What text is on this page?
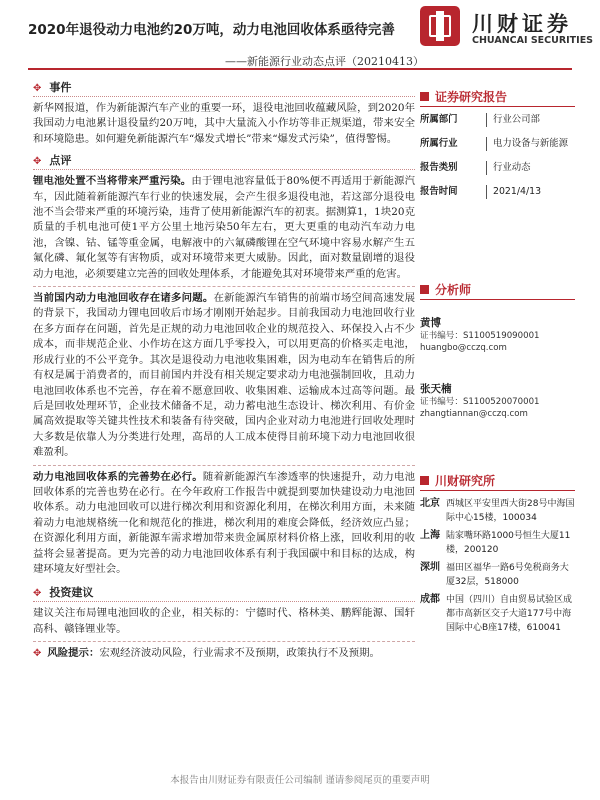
2020年退役动力电池约20万吨，动力电池回收体系亟待完善
——新能源行业动态点评（20210413）
川财证券
CHUANCAI SECURITIES
✥ 事件

新华网报道，作为新能源汽车产业的重要一环，退役电池回收蕴藏风险，到2020年我国动力电池累计退役量约20万吨，其中大量流入小作坊等非正规渠道，带来安全和环境隐患。如何避免新能源汽车“爆发式增长”带来“爆发式污染”，值得警惕。

✥ 点评

锂电池处置不当将带来严重污染。由于锂电池容量低于80%便不再适用于新能源汽车，因此随着新能源汽车行业的快速发展，会产生很多退役电池，若这部分退役电池不当会带来严重的环境污染，违背了使用新能源汽车的初衷。据测算1，1块20克质量的手机电池可使1平方公里土地污染50年左右，更大更重的电动汽车动力电池，含镍、钴、锰等重金属，电解液中的六氟磷酸锂在空气环境中容易水解产生五氟化磷、氟化氢等有害物质，或对环境带来更大威胁。因此，面对数量剧增的退役动力电池，必须要建立完善的回收处理体系，才能避免其对环境带来严重的危害。

当前国内动力电池回收存在诸多问题。在新能源汽车销售的前端市场空间高速发展的背景下，我国动力锂电回收后市场才刚刚开始起步。目前我国动力电池回收行业在多方面存在问题，首先是正规的动力电池回收企业的规范投入、环保投入占不少成本，而非规范企业、小作坊在这方面几乎零投入，可以用更高的价格买走电池，形成行业的不公平竞争。其次是退役动力电池收集困难，因为电动车在销售后的所有权是属于消费者的，而目前国内并没有相关规定要求动力电池强制回收，且动力电池回收体系也不完善，存在着不愿意回收、收集困难、运输成本过高等问题。最后是回收处理环节，企业技术储备不足，动力蓄电池生态设计、梯次利用、有价金属高效提取等关键共性技术和装备有待突破，国内企业对动力电池进行回收处理时大多数是依靠人为分类进行处理，高昂的人工成本使得目前环境下动力电池回收很难盈利。

动力电池回收体系的完善势在必行。随着新能源汽车渗透率的快速提升，动力电池回收体系的完善也势在必行。在今年政府工作报告中就提到要加快建设动力电池回收体系。动力电池回收可以进行梯次利用和资源化利用，在梯次利用方面，未来随着动力电池规格统一化和规范化的推进，梯次利用的难度会降低，经济效应凸显；在资源化利用方面，新能源车需求增加带来贵金属原材料价格上涨，回收利用的收益将会显著提高。更为完善的动力电池回收体系有利于我国碳中和目标的达成，构建环境友好型社会。

✥ 投资建议

建议关注布局锂电池回收的企业，相关标的：宁德时代、格林美、鹏辉能源、国轩高科、赣锋锂业等。

✥ 风险提示：宏观经济波动风险，行业需求不及预期，政策执行不及预期。

证券研究报告
所属部门	行业公司部
所属行业	电力设备与新能源
报告类别	行业动态
报告时间	2021/4/13
分析师
黄博
证书编号：S1100519090001
huangbo@cczq.com
张天楠
证书编号：S1100520070001
zhangtiannan@cczq.com
川财研究所
北京 西城区平安里西大街28号中海国际中心15楼，100034
上海 陆家嘴环路1000号恒生大厦11楼，200120
深圳 福田区福华一路6号免税商务大厦32层，518000
成都 中国（四川）自由贸易试验区成都市高新区交子大道177号中海国际中心B座17楼，610041
本报告由川财证券有限责任公司编制 谨请参阅尾页的重要声明
